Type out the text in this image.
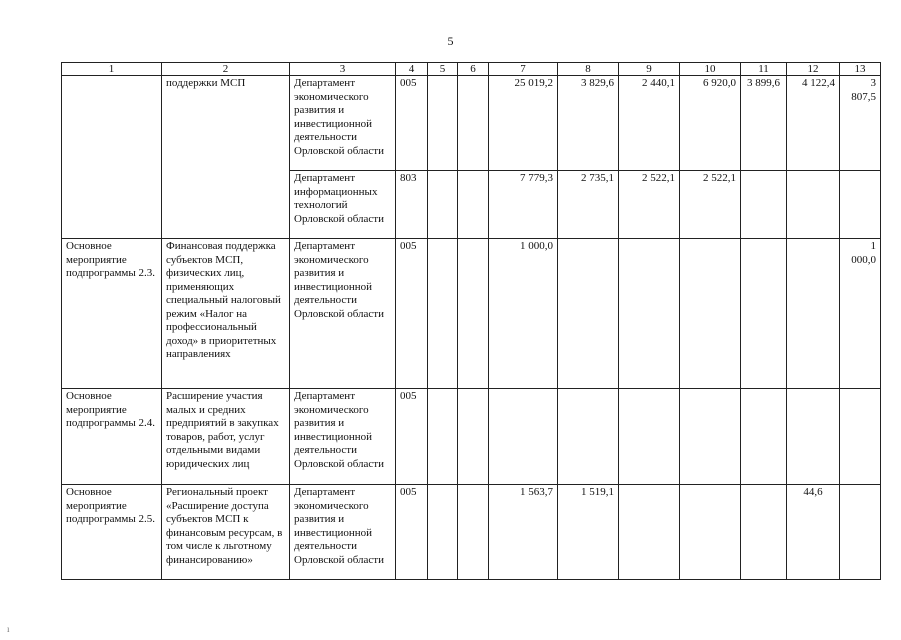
5
1	2	3	4	5	6	7	8	9	10	11	12	13
	поддержки МСП	Департамент экономического развития и инвестиционной деятельности Орловской области	005			25 019,2	3 829,6	2 440,1	6 920,0	3 899,6	4 122,4	3 807,5
		Департамент информационных технологий Орловской области	803			7 779,3	2 735,1	2 522,1	2 522,1			
Основное мероприятие подпрограммы 2.3.	Финансовая поддержка субъектов МСП, физических лиц, применяющих специальный налоговый режим «Налог на профессиональный доход» в приоритетных направлениях	Департамент экономического развития и инвестиционной деятельности Орловской области	005			1 000,0						1 000,0
Основное мероприятие подпрограммы 2.4.	Расширение участия малых и средних предприятий в закупках товаров, работ, услуг отдельными видами юридических лиц	Департамент экономического развития и инвестиционной деятельности Орловской области	005									
Основное мероприятие подпрограммы 2.5.	Региональный проект «Расширение доступа субъектов МСП к финансовым ресурсам, в том числе к льготному финансированию»	Департамент экономического развития и инвестиционной деятельности Орловской области	005			1 563,7	1 519,1				44,6	
ı
